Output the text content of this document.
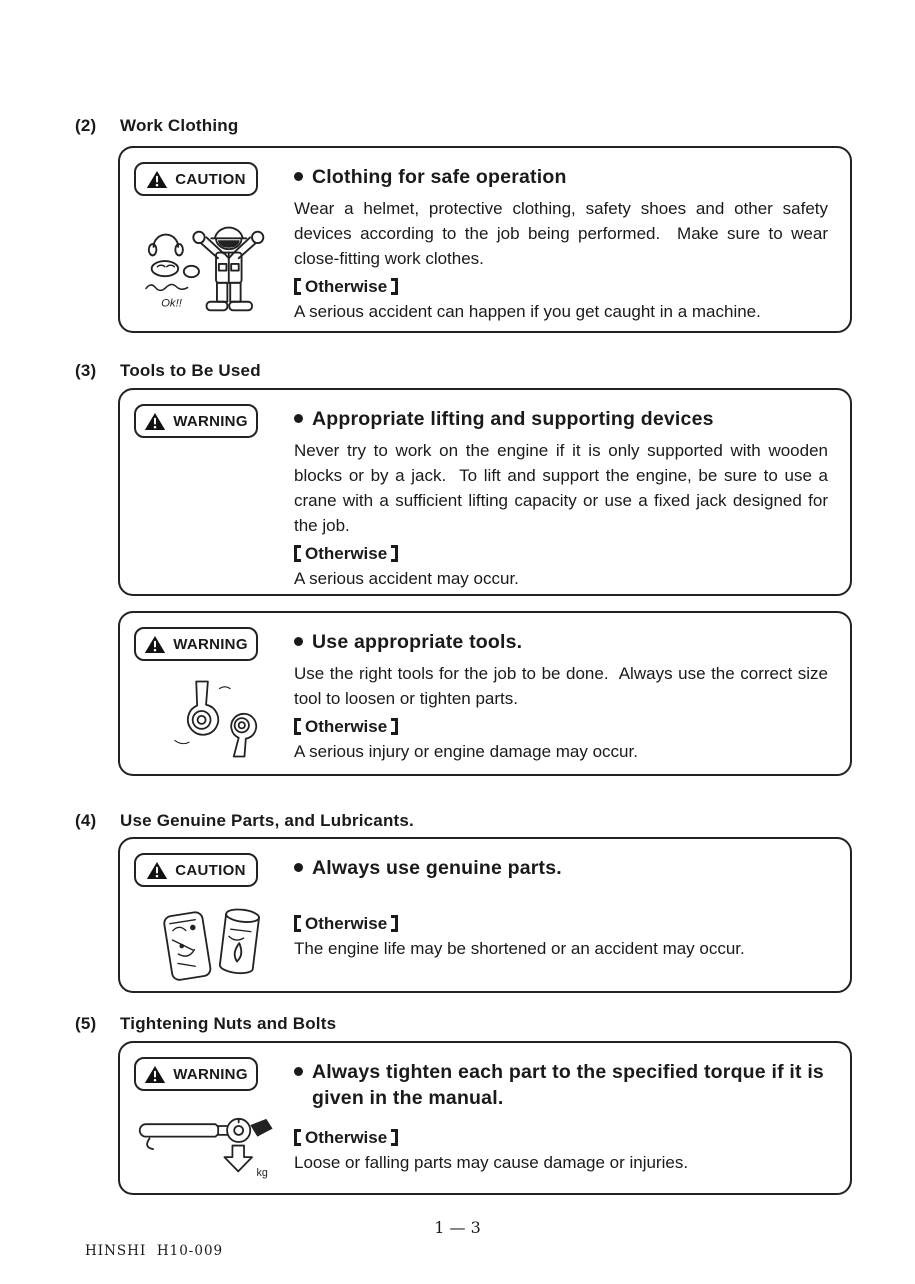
(2)	Work Clothing
CAUTION
Ok!!
Clothing for safe operation
Wear a helmet, protective clothing, safety shoes and other safety devices according to the job being performed.  Make sure to wear close-fitting work clothes.
Otherwise
A serious accident can happen if you get caught in a machine.
(3)	Tools to Be Used
WARNING	Appropriate lifting and supporting devices
Never try to work on the engine if it is only supported with wooden blocks or by a jack.  To lift and support the engine, be sure to use a crane with a sufficient lifting capacity or use a fixed jack designed for the job.
Otherwise
A serious accident may occur.
WARNING	Use appropriate tools.
Use the right tools for the job to be done.  Always use the correct size tool to loosen or tighten parts.
Otherwise
A serious injury or engine damage may occur.
(4)	Use Genuine Parts, and Lubricants.
CAUTION	Always use genuine parts.
Otherwise
The engine life may be shortened or an accident may occur.
(5)	Tightening Nuts and Bolts
WARNING
kg
Always tighten each part to the specified torque if it is given in the manual.
Otherwise
Loose or falling parts may cause damage or injuries.
1 — 3
HINSHI  H10-009
